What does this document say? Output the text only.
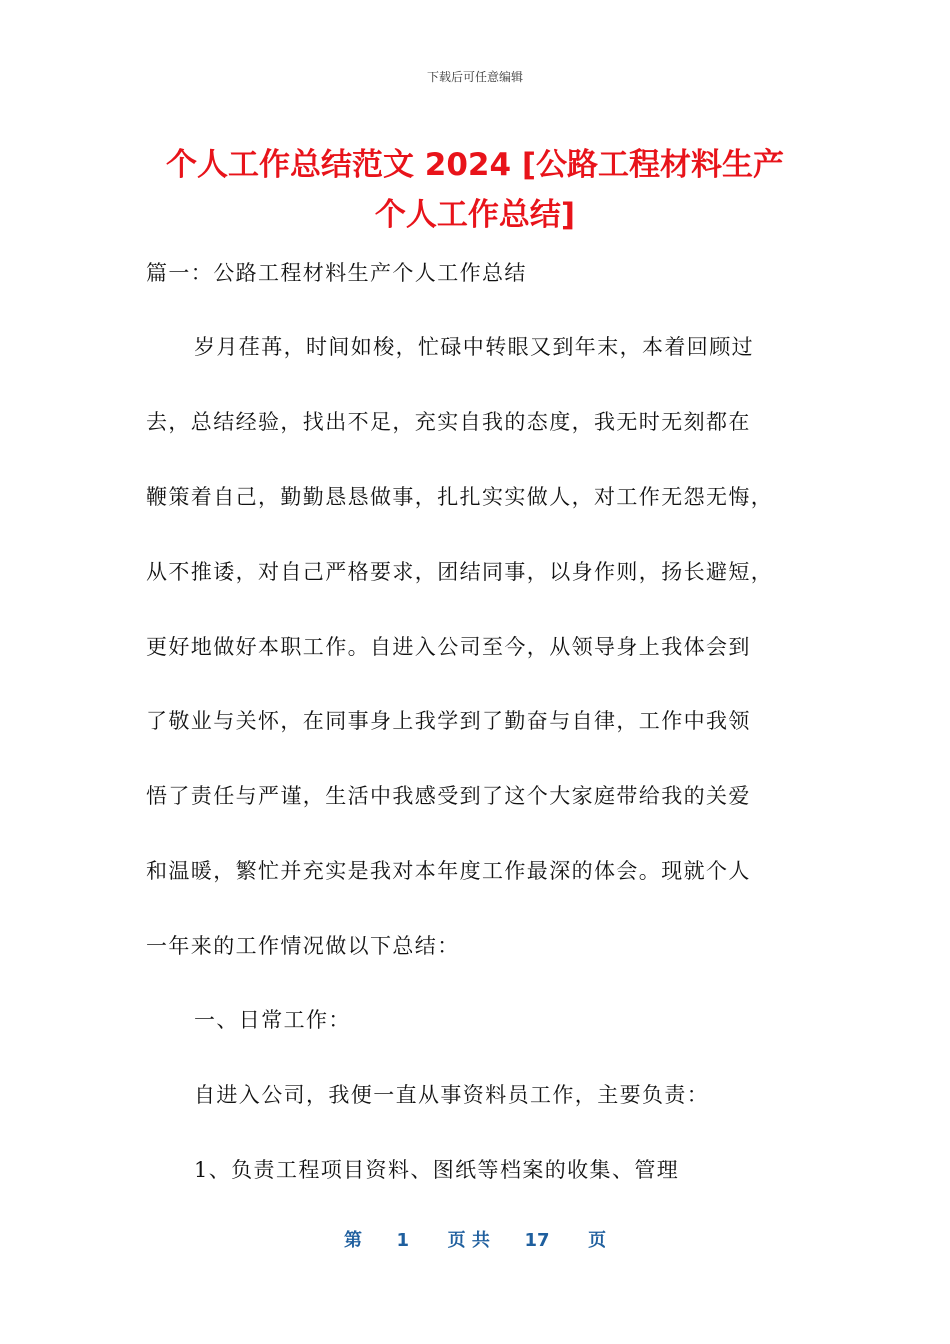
下载后可任意编辑
个人工作总结范文 2024 [公路工程材料生产
个人工作总结]
篇一：公路工程材料生产个人工作总结
岁月荏苒，时间如梭，忙碌中转眼又到年末，本着回顾过
去，总结经验，找出不足，充实自我的态度，我无时无刻都在
鞭策着自己，勤勤恳恳做事，扎扎实实做人，对工作无怨无悔，
从不推诿，对自己严格要求，团结同事，以身作则，扬长避短，
更好地做好本职工作。自进入公司至今，从领导身上我体会到
了敬业与关怀，在同事身上我学到了勤奋与自律，工作中我领
悟了责任与严谨，生活中我感受到了这个大家庭带给我的关爱
和温暖，繁忙并充实是我对本年度工作最深的体会。现就个人
一年来的工作情况做以下总结：
一、日常工作：
自进入公司，我便一直从事资料员工作，主要负责：
1、负责工程项目资料、图纸等档案的收集、管理
第 1 页 共 17 页
